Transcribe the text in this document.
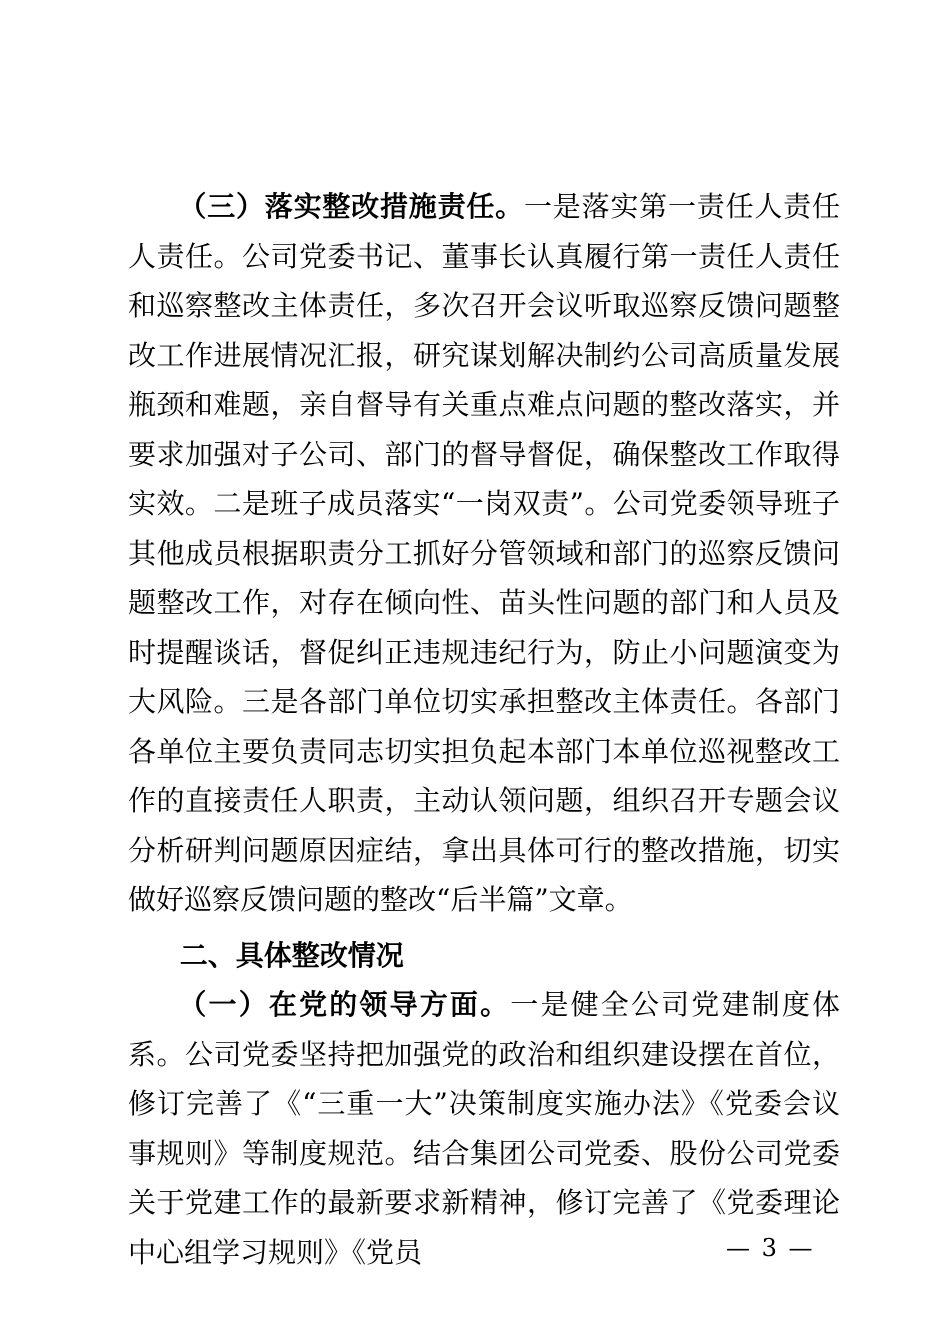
（三）落实整改措施责任。一是落实第一责任人责任人责任。公司党委书记、董事长认真履行第一责任人责任和巡察整改主体责任，多次召开会议听取巡察反馈问题整改工作进展情况汇报，研究谋划解决制约公司高质量发展瓶颈和难题，亲自督导有关重点难点问题的整改落实，并要求加强对子公司、部门的督导督促，确保整改工作取得实效。二是班子成员落实“一岗双责”。公司党委领导班子其他成员根据职责分工抓好分管领域和部门的巡察反馈问题整改工作，对存在倾向性、苗头性问题的部门和人员及时提醒谈话，督促纠正违规违纪行为，防止小问题演变为大风险。三是各部门单位切实承担整改主体责任。各部门各单位主要负责同志切实担负起本部门本单位巡视整改工作的直接责任人职责，主动认领问题，组织召开专题会议分析研判问题原因症结，拿出具体可行的整改措施，切实做好巡察反馈问题的整改“后半篇”文章。

二、具体整改情况

（一）在党的领导方面。一是健全公司党建制度体系。公司党委坚持把加强党的政治和组织建设摆在首位，修订完善了《“三重一大”决策制度实施办法》《党委会议事规则》等制度规范。结合集团公司党委、股份公司党委关于党建工作的最新要求新精神，修订完善了《党委理论中心组学习规则》《党员	— 3 —
